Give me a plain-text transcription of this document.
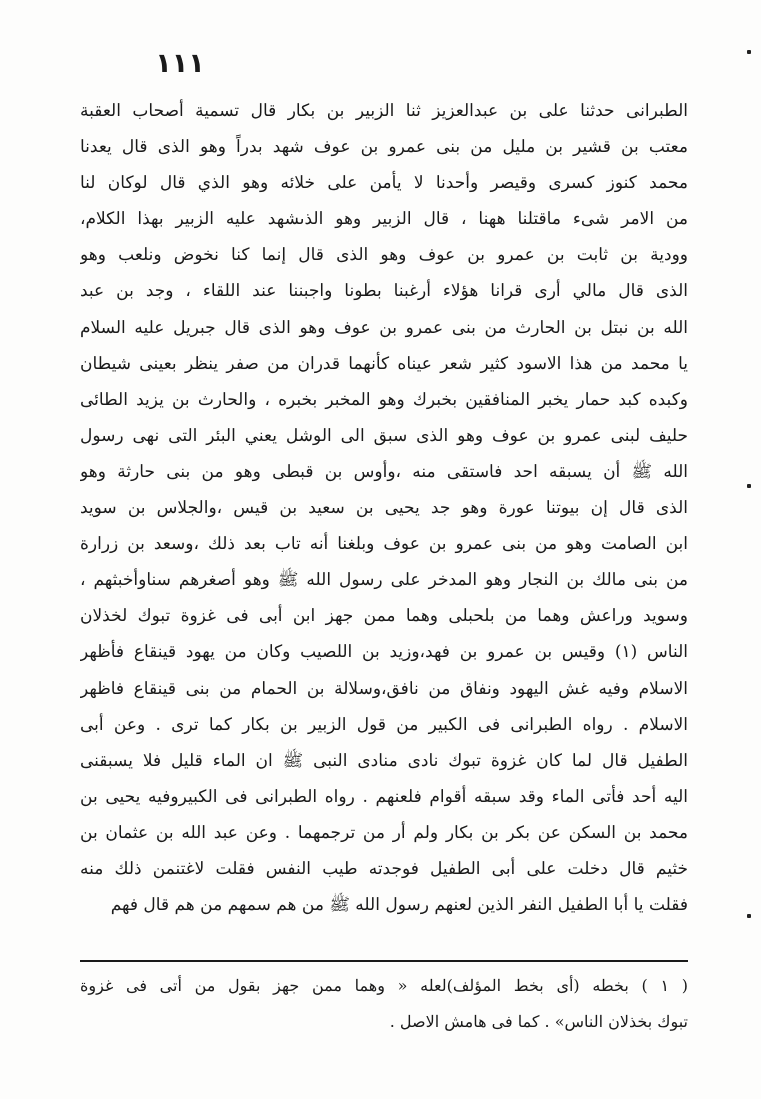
١١١
الطبرانى حدثنا على بن عبدالعزيز ثنا الزبير بن بكار قال تسمية أصحاب العقبة
معتب بن قشير بن مليل من بنى عمرو بن عوف شهد بدراً وهو الذى قال يعدنا
محمد كنوز كسرى وقيصر وأحدنا لا يأمن على خلائه وهو الذي قال لوكان لنا
من الامر شىء ماقتلنا ههنا ، قال الزبير وهو الذىشهد عليه الزبير بهذا الكلام،
وودية بن ثابت بن عمرو بن عوف وهو الذى قال إنما كنا نخوض ونلعب وهو
الذى قال مالي أرى قرانا هؤلاء أرغبنا بطونا واجبننا عند اللقاء ، وجد بن عبد
الله بن نبتل بن الحارث من بنى عمرو بن عوف وهو الذى قال جبريل عليه السلام
يا محمد من هذا الاسود كثير شعر عيناه كأنهما قدران من صفر ينظر بعينى شيطان
وكبده كبد حمار يخبر المنافقين بخبرك وهو المخبر بخبره ، والحارث بن يزيد الطائى
حليف لبنى عمرو بن عوف وهو الذى سبق الى الوشل يعني البئر التى نهى رسول
الله ﷺ أن يسبقه احد فاستقى منه ،وأوس بن قبطى وهو من بنى حارثة وهو
الذى قال إن بيوتنا عورة وهو جد يحيى بن سعيد بن قيس ،والجلاس بن سويد
ابن الصامت وهو من بنى عمرو بن عوف وبلغنا أنه تاب بعد ذلك ،وسعد بن زرارة
من بنى مالك بن النجار وهو المدخر على رسول الله ﷺ وهو أصغرهم سناوأخبثهم ،
وسويد وراعش وهما من بلحبلى وهما ممن جهز ابن أبى فى غزوة تبوك لخذلان
الناس (١) وقيس بن عمرو بن فهد،وزيد بن اللصيب وكان من يهود قينقاع فأظهر
الاسلام وفيه غش اليهود ونفاق من نافق،وسلالة بن الحمام من بنى قينقاع فاظهر
الاسلام . رواه الطبرانى فى الكبير من قول الزبير بن بكار كما ترى . وعن أبى
الطفيل قال لما كان غزوة تبوك نادى منادى النبى ﷺ ان الماء قليل فلا يسبقنى
اليه أحد فأتى الماء وقد سبقه أقوام فلعنهم . رواه الطبرانى فى الكبيروفيه يحيى بن
محمد بن السكن عن بكر بن بكار ولم أر من ترجمهما . وعن عبد الله بن عثمان بن
خثيم قال دخلت على أبى الطفيل فوجدته طيب النفس فقلت لاغتنمن ذلك منه
فقلت يا أبا الطفيل النفر الذين لعنهم رسول الله ﷺ من هم سمهم من هم قال فهم
( ١ ) بخطه (أى بخط المؤلف)لعله « وهما ممن جهز بقول من أتى فى غزوة
تبوك بخذلان الناس» . كما فى هامش الاصل .
